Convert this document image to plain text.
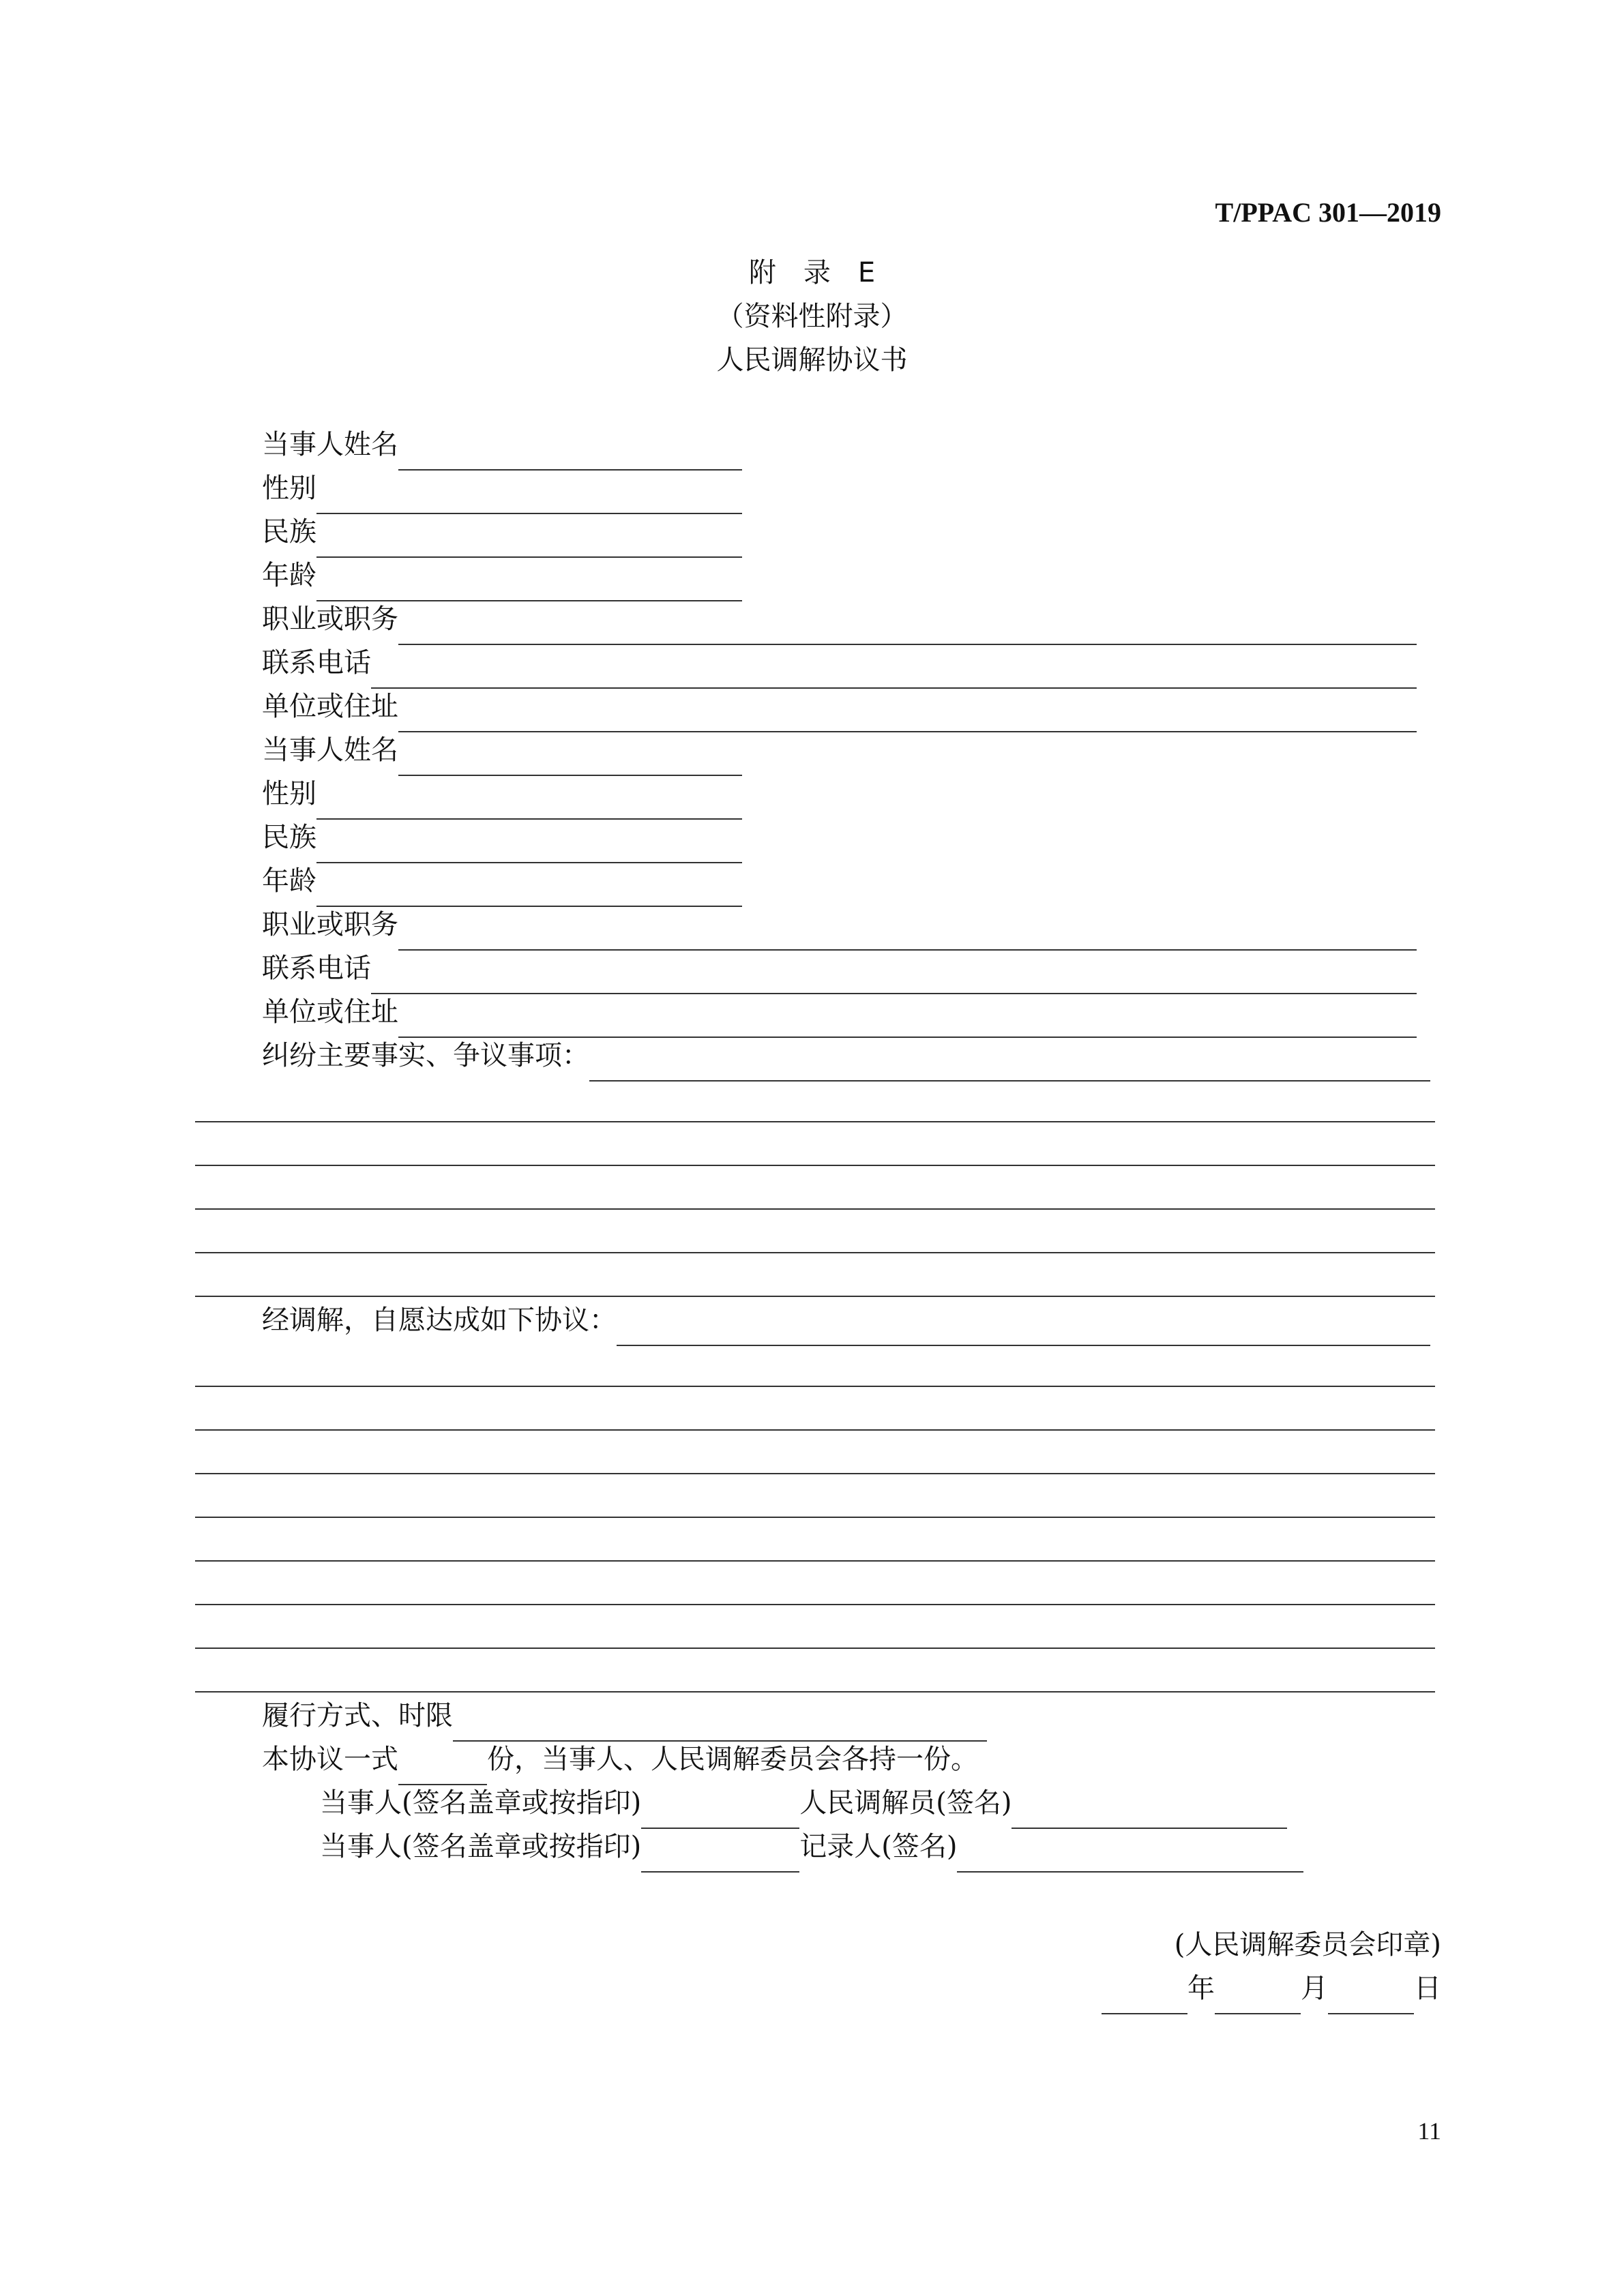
T/PPAC 301—2019
附　录　E
（资料性附录）
人民调解协议书
当事人姓名
性别
民族
年龄
职业或职务
联系电话
单位或住址
当事人姓名
性别
民族
年龄
职业或职务
联系电话
单位或住址
纠纷主要事实、争议事项：
经调解，自愿达成如下协议：
履行方式、时限
本协议一式	份，当事人、人民调解委员会各持一份。
当事人(签名盖章或按指印)	人民调解员(签名)
当事人(签名盖章或按指印)	记录人(签名)
(人民调解委员会印章)
年	月	日
11
